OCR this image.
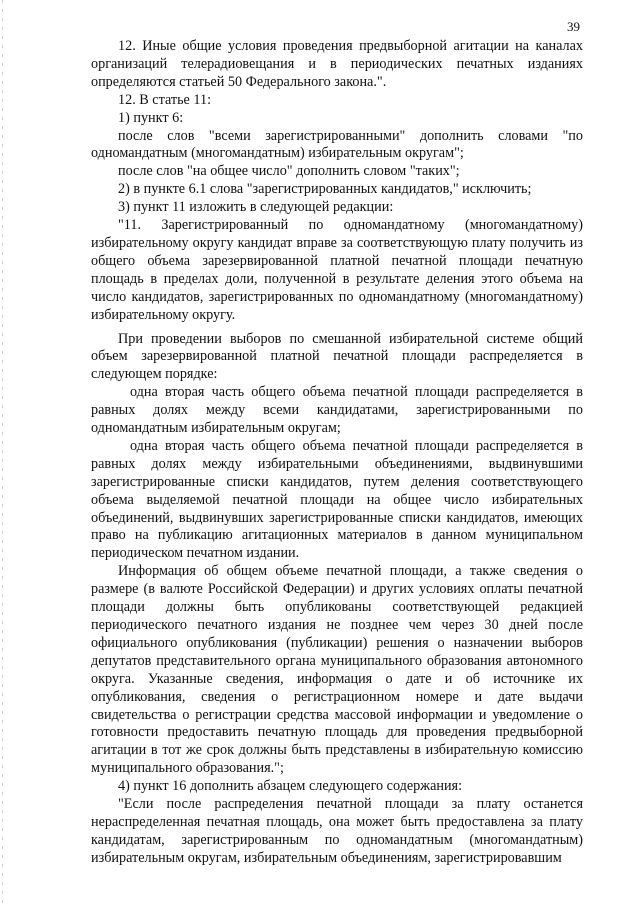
39

12. Иные общие условия проведения предвыборной агитации на каналах организаций телерадиовещания и в периодических печатных изданиях определяются статьей 50 Федерального закона.".

12. В статье 11:

1) пункт 6:

после слов "всеми зарегистрированными" дополнить словами "по одномандатным (многомандатным) избирательным округам";

после слов "на общее число" дополнить словом "таких";

2) в пункте 6.1 слова "зарегистрированных кандидатов," исключить;

3) пункт 11 изложить в следующей редакции:

"11. Зарегистрированный по одномандатному (многомандатному) избирательному округу кандидат вправе за соответствующую плату получить из общего объема зарезервированной платной печатной площади печатную площадь в пределах доли, полученной в результате деления этого объема на число кандидатов, зарегистрированных по одномандатному (многомандатному) избирательному округу.

При проведении выборов по смешанной избирательной системе общий объем зарезервированной платной печатной площади распределяется в следующем порядке:

одна вторая часть общего объема печатной площади распределяется в равных долях между всеми кандидатами, зарегистрированными по одномандатным избирательным округам;

одна вторая часть общего объема печатной площади распределяется в равных долях между избирательными объединениями, выдвинувшими зарегистрированные списки кандидатов, путем деления соответствующего объема выделяемой печатной площади на общее число избирательных объединений, выдвинувших зарегистрированные списки кандидатов, имеющих право на публикацию агитационных материалов в данном муниципальном периодическом печатном издании.

Информация об общем объеме печатной площади, а также сведения о размере (в валюте Российской Федерации) и других условиях оплаты печатной площади должны быть опубликованы соответствующей редакцией периодического печатного издания не позднее чем через 30 дней после официального опубликования (публикации) решения о назначении выборов депутатов представительного органа муниципального образования автономного округа. Указанные сведения, информация о дате и об источнике их опубликования, сведения о регистрационном номере и дате выдачи свидетельства о регистрации средства массовой информации и уведомление о готовности предоставить печатную площадь для проведения предвыборной агитации в тот же срок должны быть представлены в избирательную комиссию муниципального образования.";

4) пункт 16 дополнить абзацем следующего содержания:

"Если после распределения печатной площади за плату останется нераспределенная печатная площадь, она может быть предоставлена за плату кандидатам, зарегистрированным по одномандатным (многомандатным) избирательным округам, избирательным объединениям, зарегистрировавшим
